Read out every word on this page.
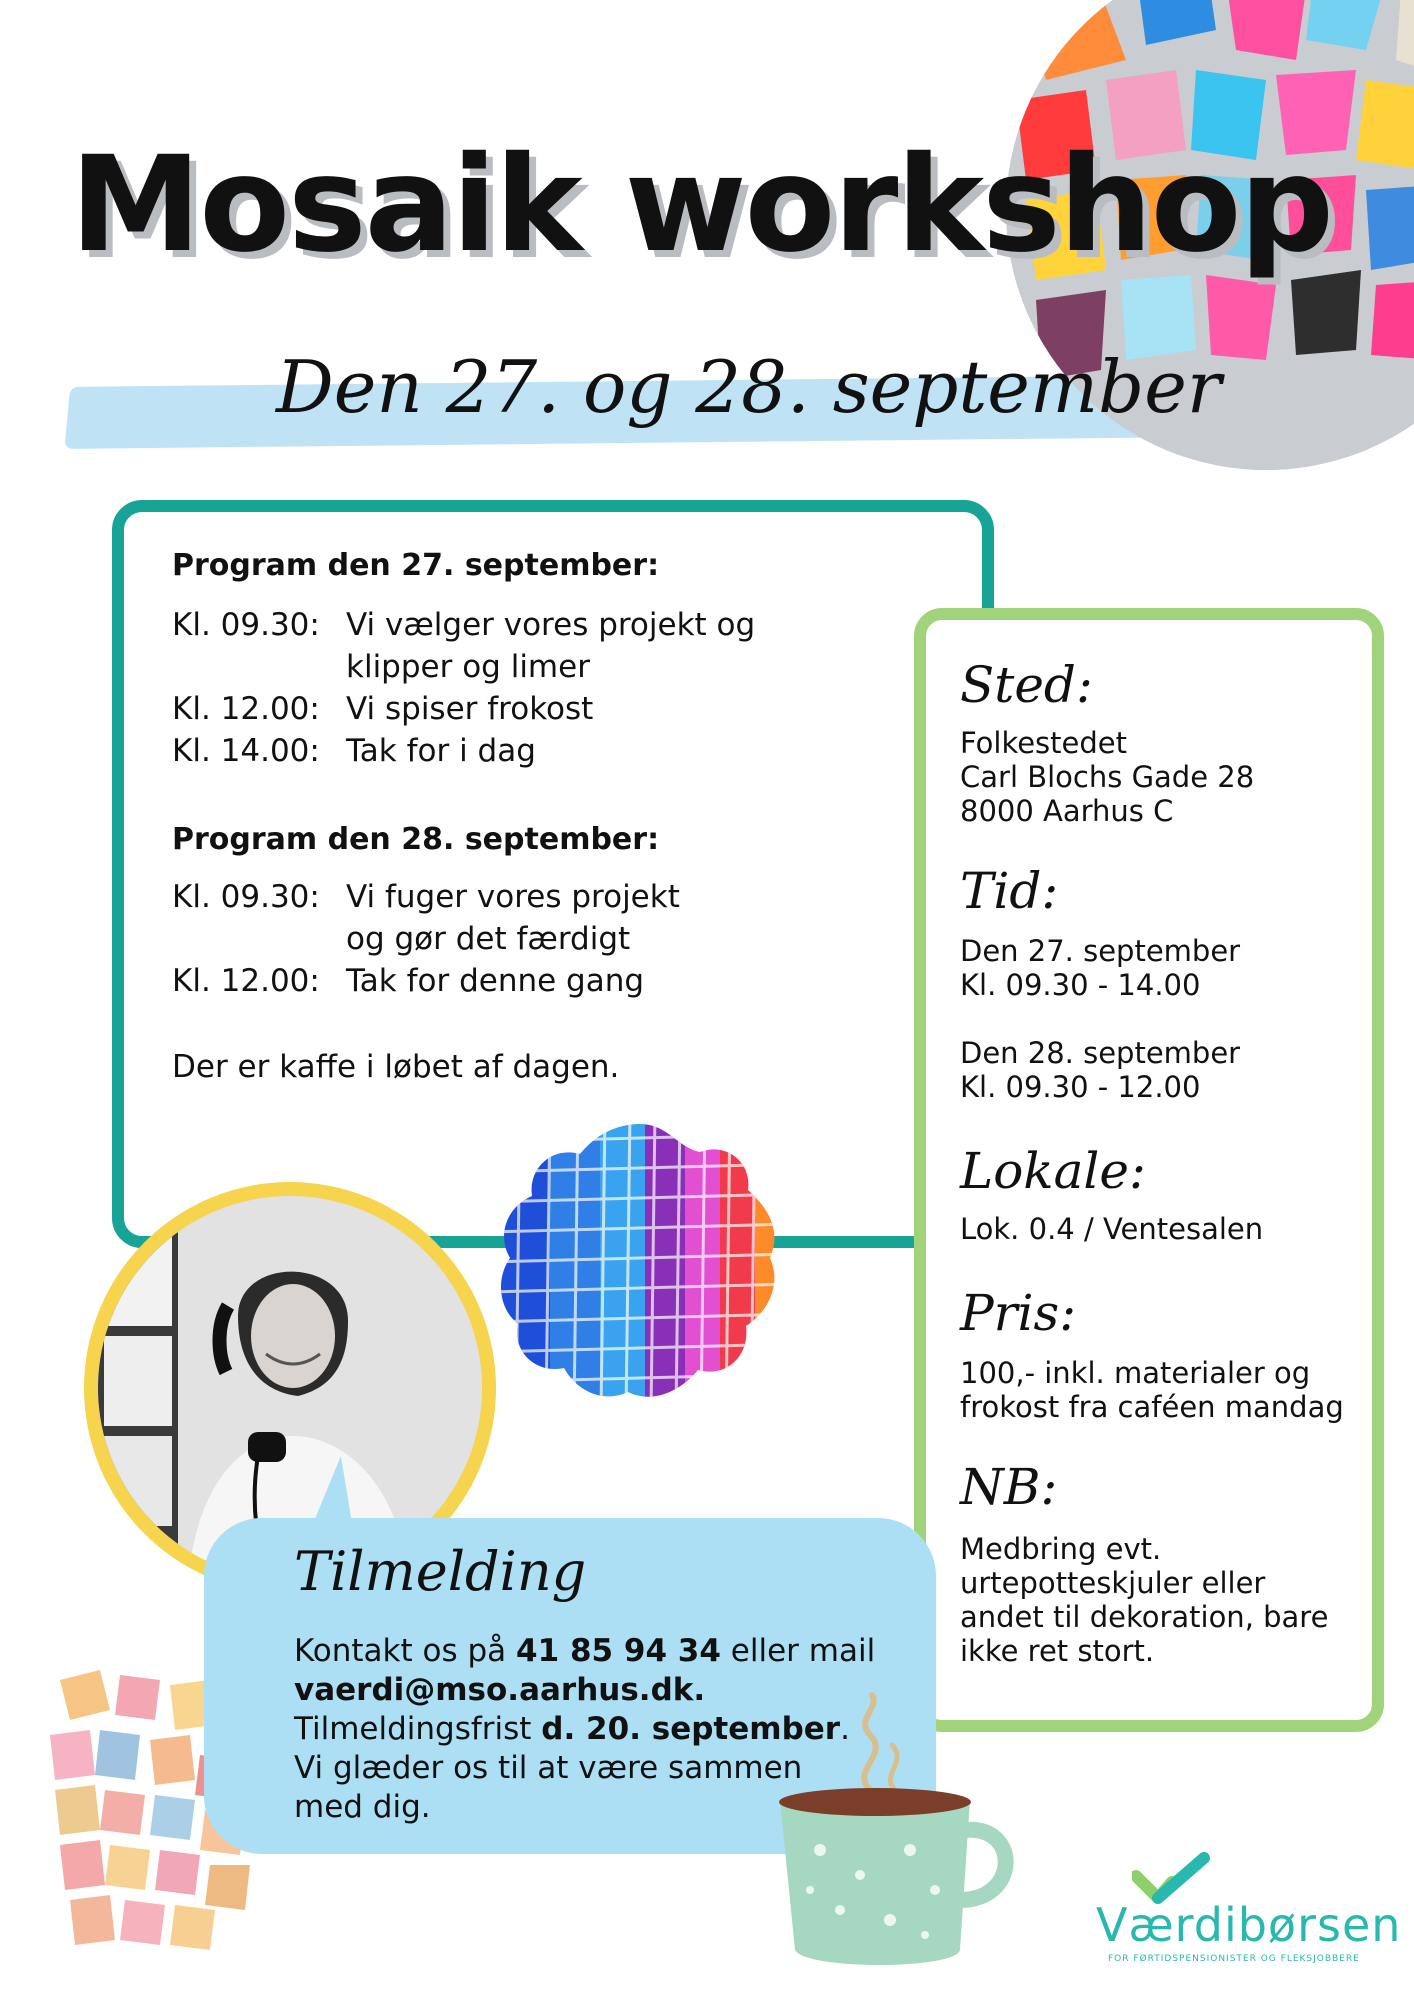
Mosaik workshop
Den 27. og 28. september
Program den 27. september:
Kl. 09.30: Vi vælger vores projekt og
klipper og limer
Kl. 12.00: Vi spiser frokost
Kl. 14.00: Tak for i dag
Program den 28. september:
Kl. 09.30: Vi fuger vores projekt
og gør det færdigt
Kl. 12.00: Tak for denne gang
Der er kaffe i løbet af dagen.
Sted:
Folkestedet
Carl Blochs Gade 28
8000 Aarhus C
Tid:
Den 27. september
Kl. 09.30 - 14.00
Den 28. september
Kl. 09.30 - 12.00
Lokale:
Lok. 0.4 / Ventesalen
Pris:
100,- inkl. materialer og
frokost fra caféen mandag
NB:
Medbring evt.
urtepotteskjuler eller
andet til dekoration, bare
ikke ret stort.
Tilmelding
Kontakt os på 41 85 94 34 eller mail
vaerdi@mso.aarhus.dk.
Tilmeldingsfrist d. 20. september.
Vi glæder os til at være sammen
med dig.
Værdibørsen
FOR FØRTIDSPENSIONISTER OG FLEKSJOBBERE
